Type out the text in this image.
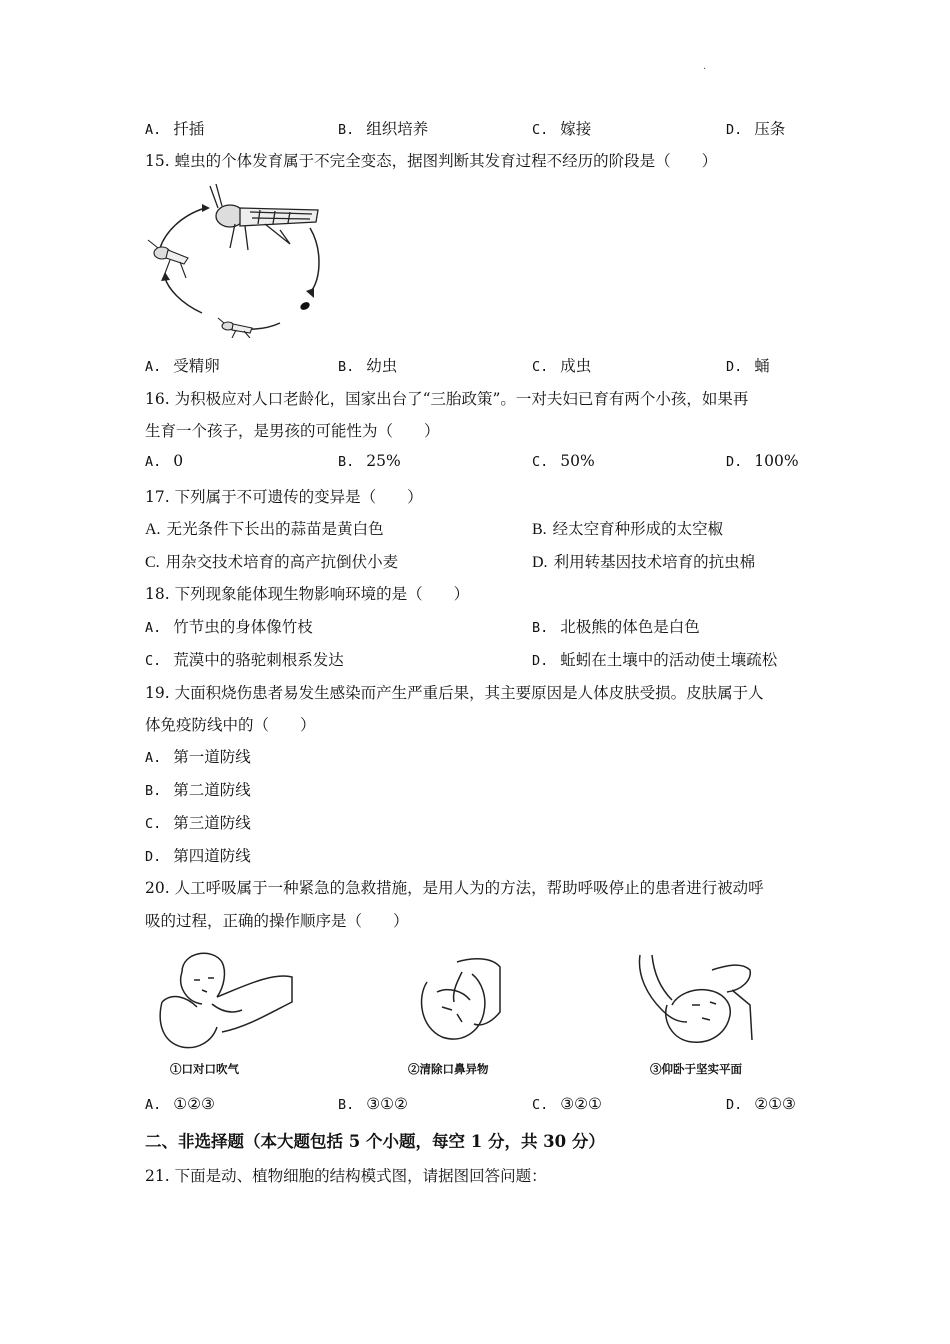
·
A. 扦插	B. 组织培养	C. 嫁接	D. 压条
15. 蝗虫的个体发育属于不完全变态，据图判断其发育过程不经历的阶段是（　　）
A. 受精卵	B. 幼虫	C. 成虫	D. 蛹
16. 为积极应对人口老龄化，国家出台了“三胎政策”。一对夫妇已育有两个小孩，如果再
生育一个孩子，是男孩的可能性为（　　）
A. 0	B. 25%	C. 50%	D. 100%
17. 下列属于不可遗传的变异是（　　）
A. 无光条件下长出的蒜苗是黄白色	B. 经太空育种形成的太空椒
C. 用杂交技术培育的高产抗倒伏小麦	D. 利用转基因技术培育的抗虫棉
18. 下列现象能体现生物影响环境的是（　　）
A. 竹节虫的身体像竹枝	B. 北极熊的体色是白色
C. 荒漠中的骆驼刺根系发达	D. 蚯蚓在土壤中的活动使土壤疏松
19. 大面积烧伤患者易发生感染而产生严重后果，其主要原因是人体皮肤受损。皮肤属于人
体免疫防线中的（　　）
A. 第一道防线
B. 第二道防线
C. 第三道防线
D. 第四道防线
20. 人工呼吸属于一种紧急的急救措施，是用人为的方法，帮助呼吸停止的患者进行被动呼
吸的过程，正确的操作顺序是（　　）
①口对口吹气	②清除口鼻异物	③仰卧于坚实平面
A. ①②③	B. ③①②	C. ③②①	D. ②①③
二、非选择题（本大题包括 5 个小题，每空 1 分，共 30 分）
21. 下面是动、植物细胞的结构模式图，请据图回答问题：
